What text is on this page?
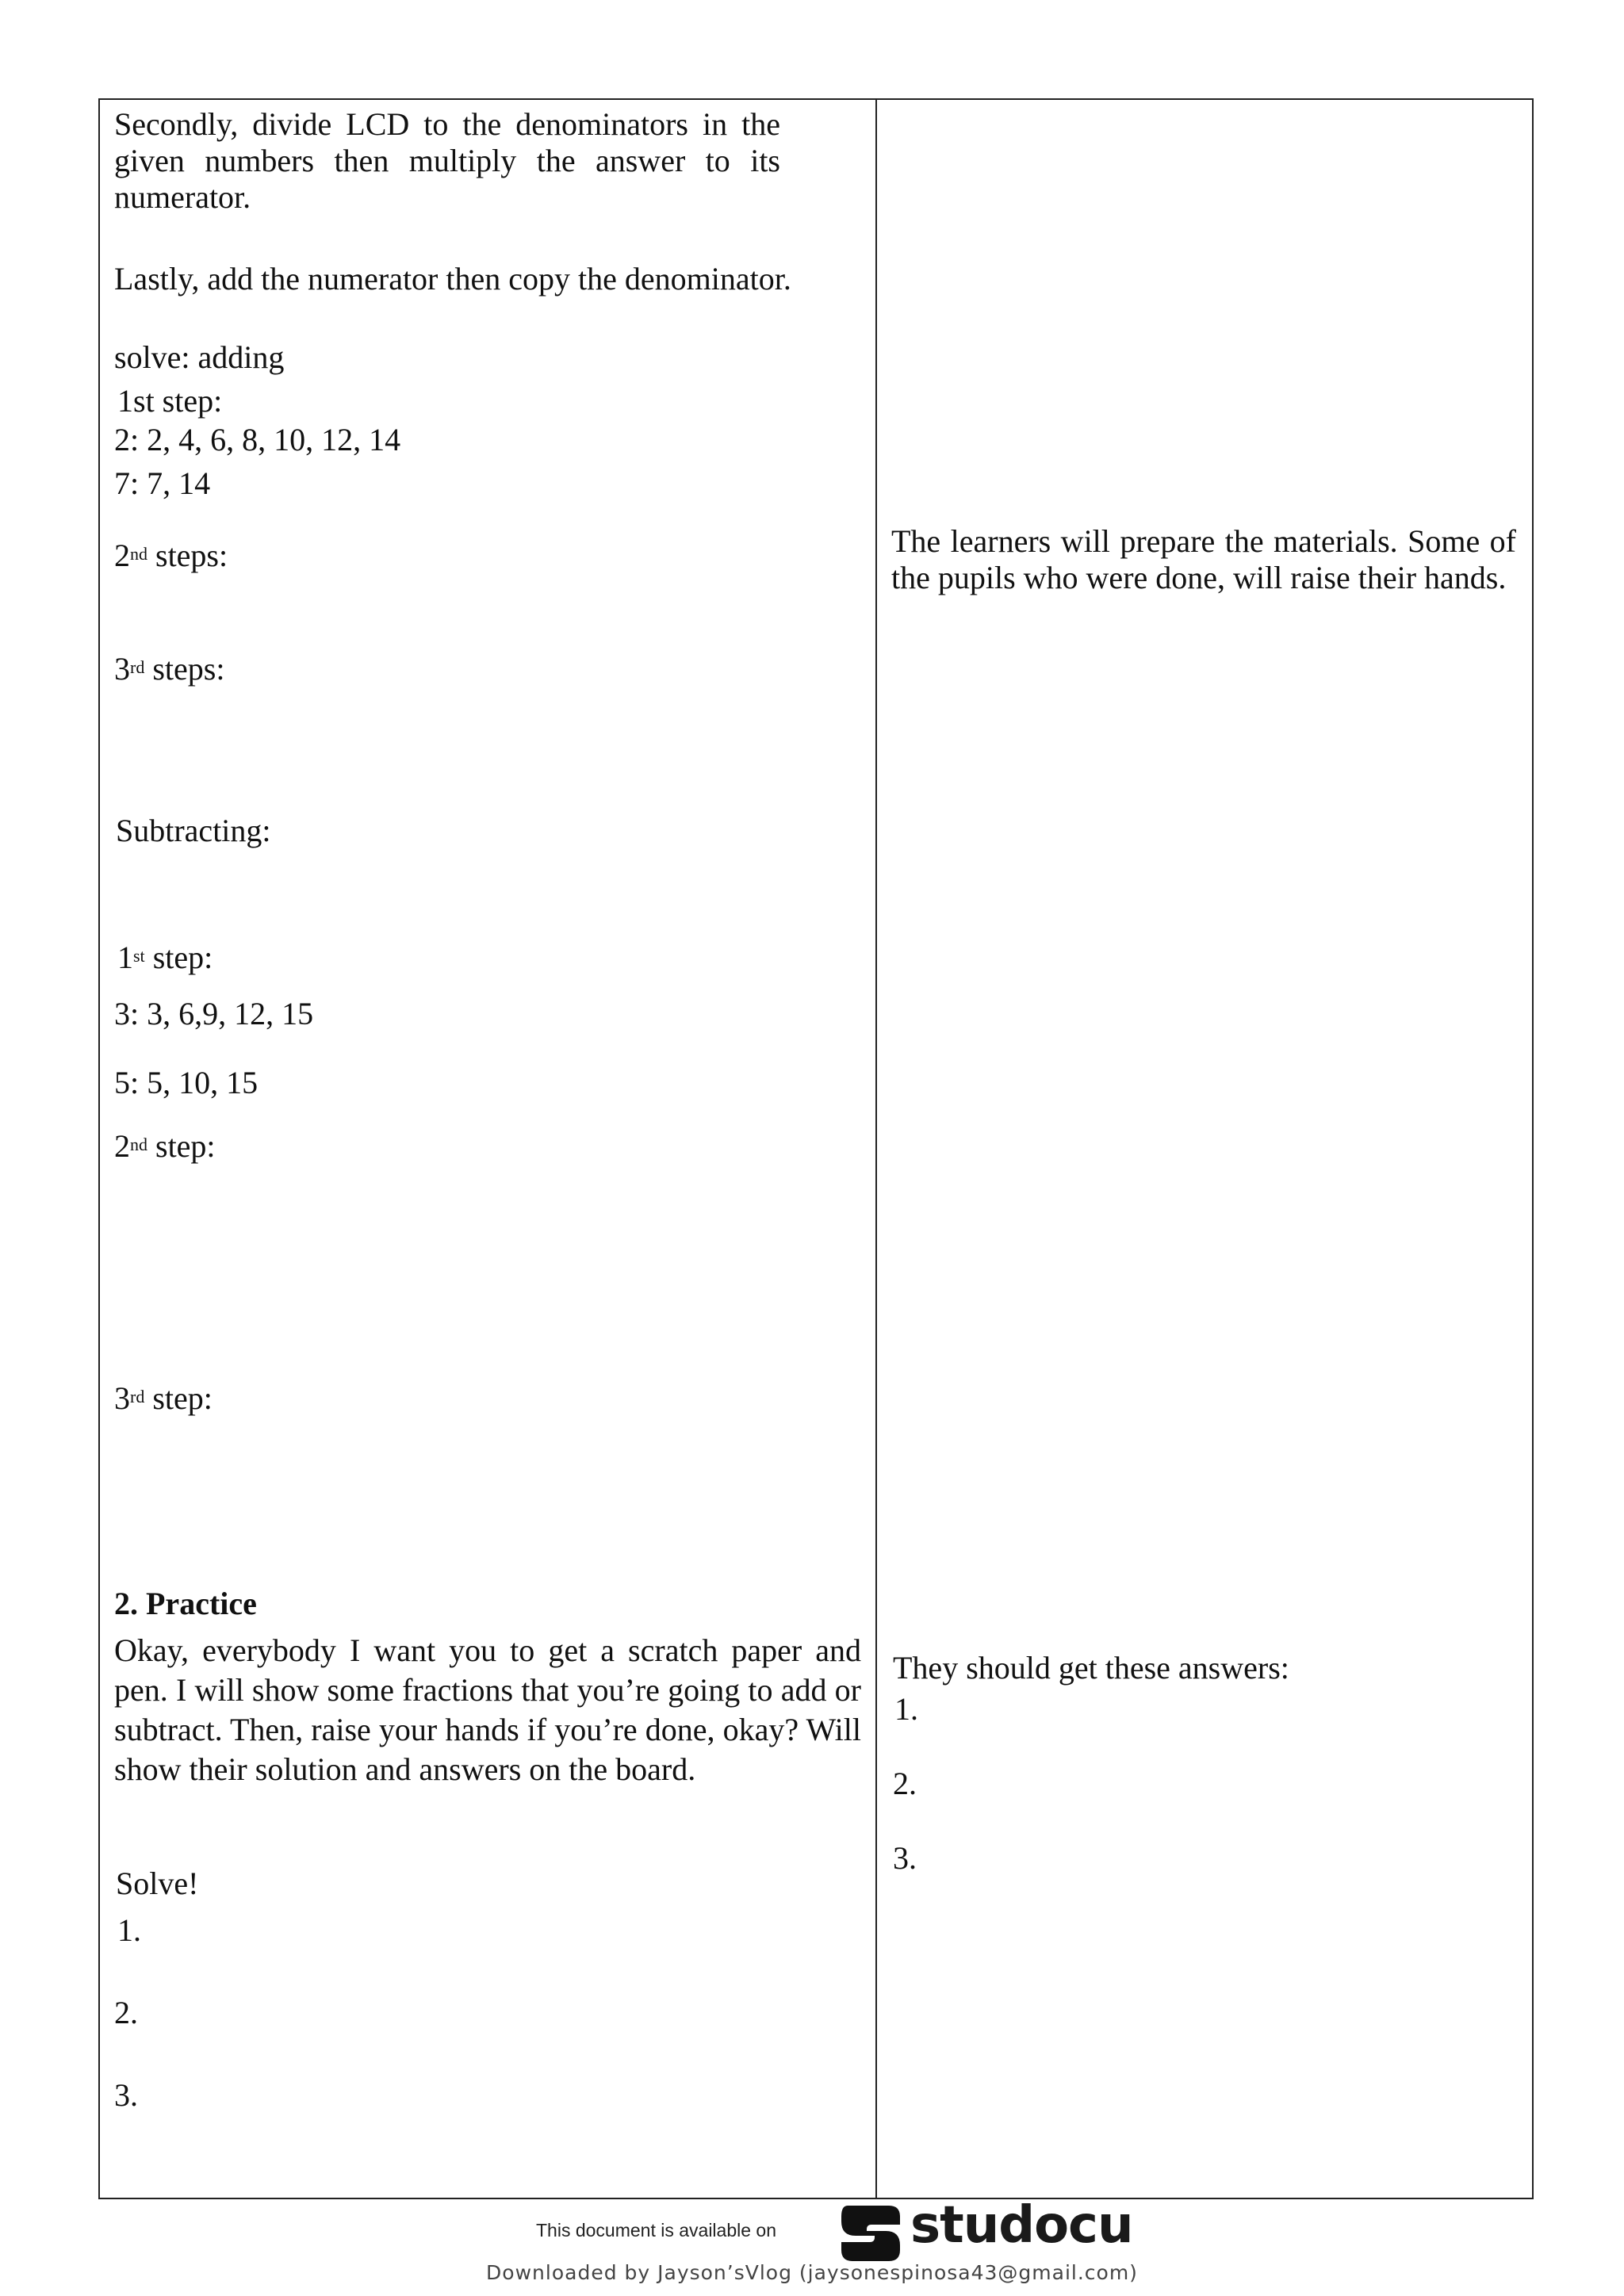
Secondly, divide LCD to the denominators in the given numbers then multiply the answer to its numerator.
Lastly, add the numerator then copy the denominator.
solve: adding
1st step:
2: 2, 4, 6, 8, 10, 12, 14
7: 7, 14
2nd steps:
3rd steps:
Subtracting:
1st step:
3: 3, 6,9, 12, 15
5: 5, 10, 15
2nd step:
3rd step:
2. Practice
Okay, everybody I want you to get a scratch paper and pen. I will show some fractions that you’re going to add or subtract. Then, raise your hands if you’re done, okay? Will show their solution and answers on the board.
Solve!
1.
2.
3.
The learners will prepare the materials. Some of the pupils who were done, will raise their hands.
They should get these answers:
1.
2.
3.
This document is available on	studocu
Downloaded by Jayson’sVlog (jaysonespinosa43@gmail.com)
